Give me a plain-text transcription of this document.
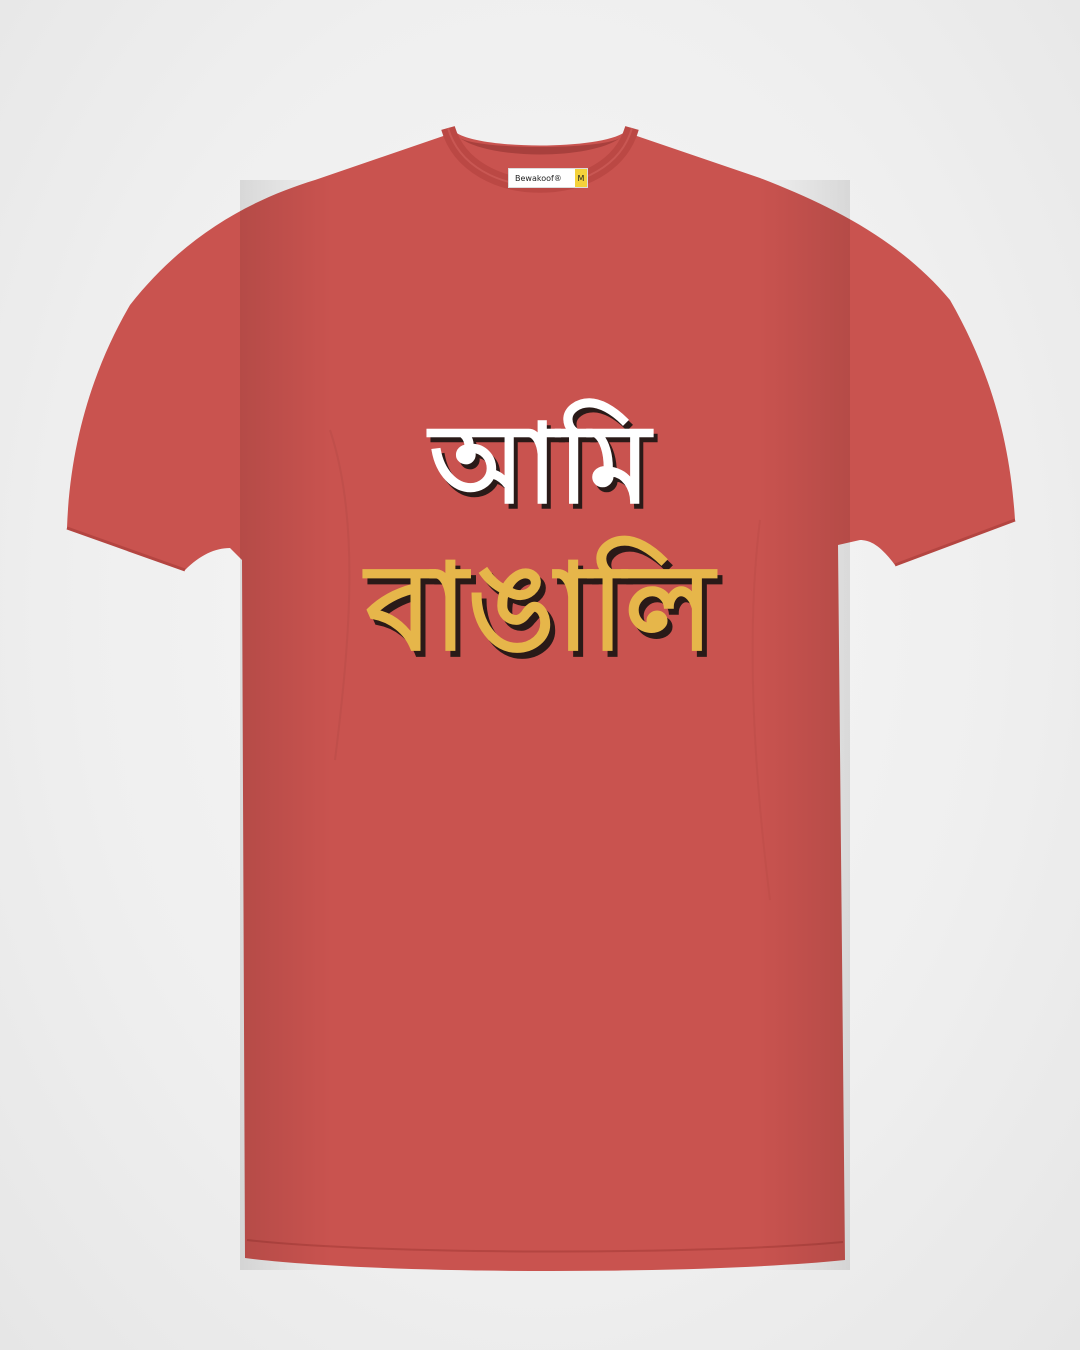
Bewakoof®	M
আমি
বাঙালি
